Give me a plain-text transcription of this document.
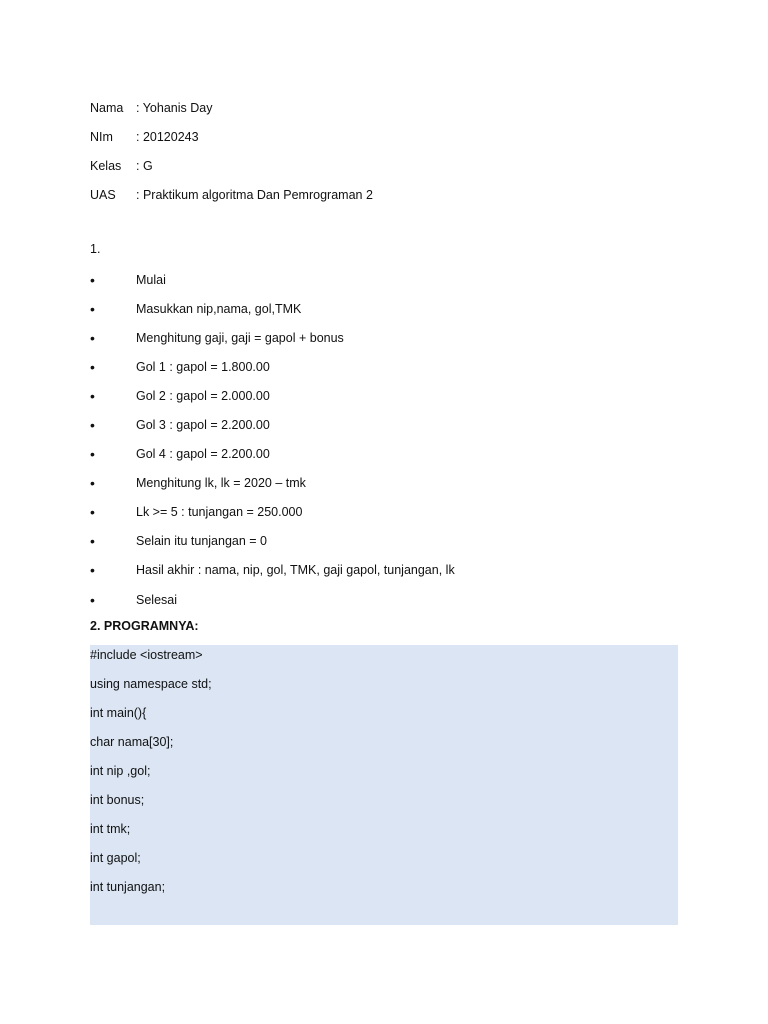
Nama	: Yohanis Day
NIm	: 20120243
Kelas	: G
UAS	: Praktikum algoritma Dan Pemrograman 2
1.
•	Mulai
•	Masukkan nip,nama, gol,TMK
•	Menghitung gaji, gaji = gapol + bonus
•	Gol 1 : gapol = 1.800.00
•	Gol 2 : gapol = 2.000.00
•	Gol 3 : gapol = 2.200.00
•	Gol 4 : gapol = 2.200.00
•	Menghitung lk, lk = 2020 – tmk
•	Lk >= 5 : tunjangan = 250.000
•	Selain itu tunjangan = 0
•	Hasil akhir : nama, nip, gol, TMK, gaji gapol, tunjangan, lk
•	Selesai
2. PROGRAMNYA:
#include <iostream>
using namespace std;
int main(){
char nama[30];
int nip ,gol;
int bonus;
int tmk;
int gapol;
int tunjangan;
